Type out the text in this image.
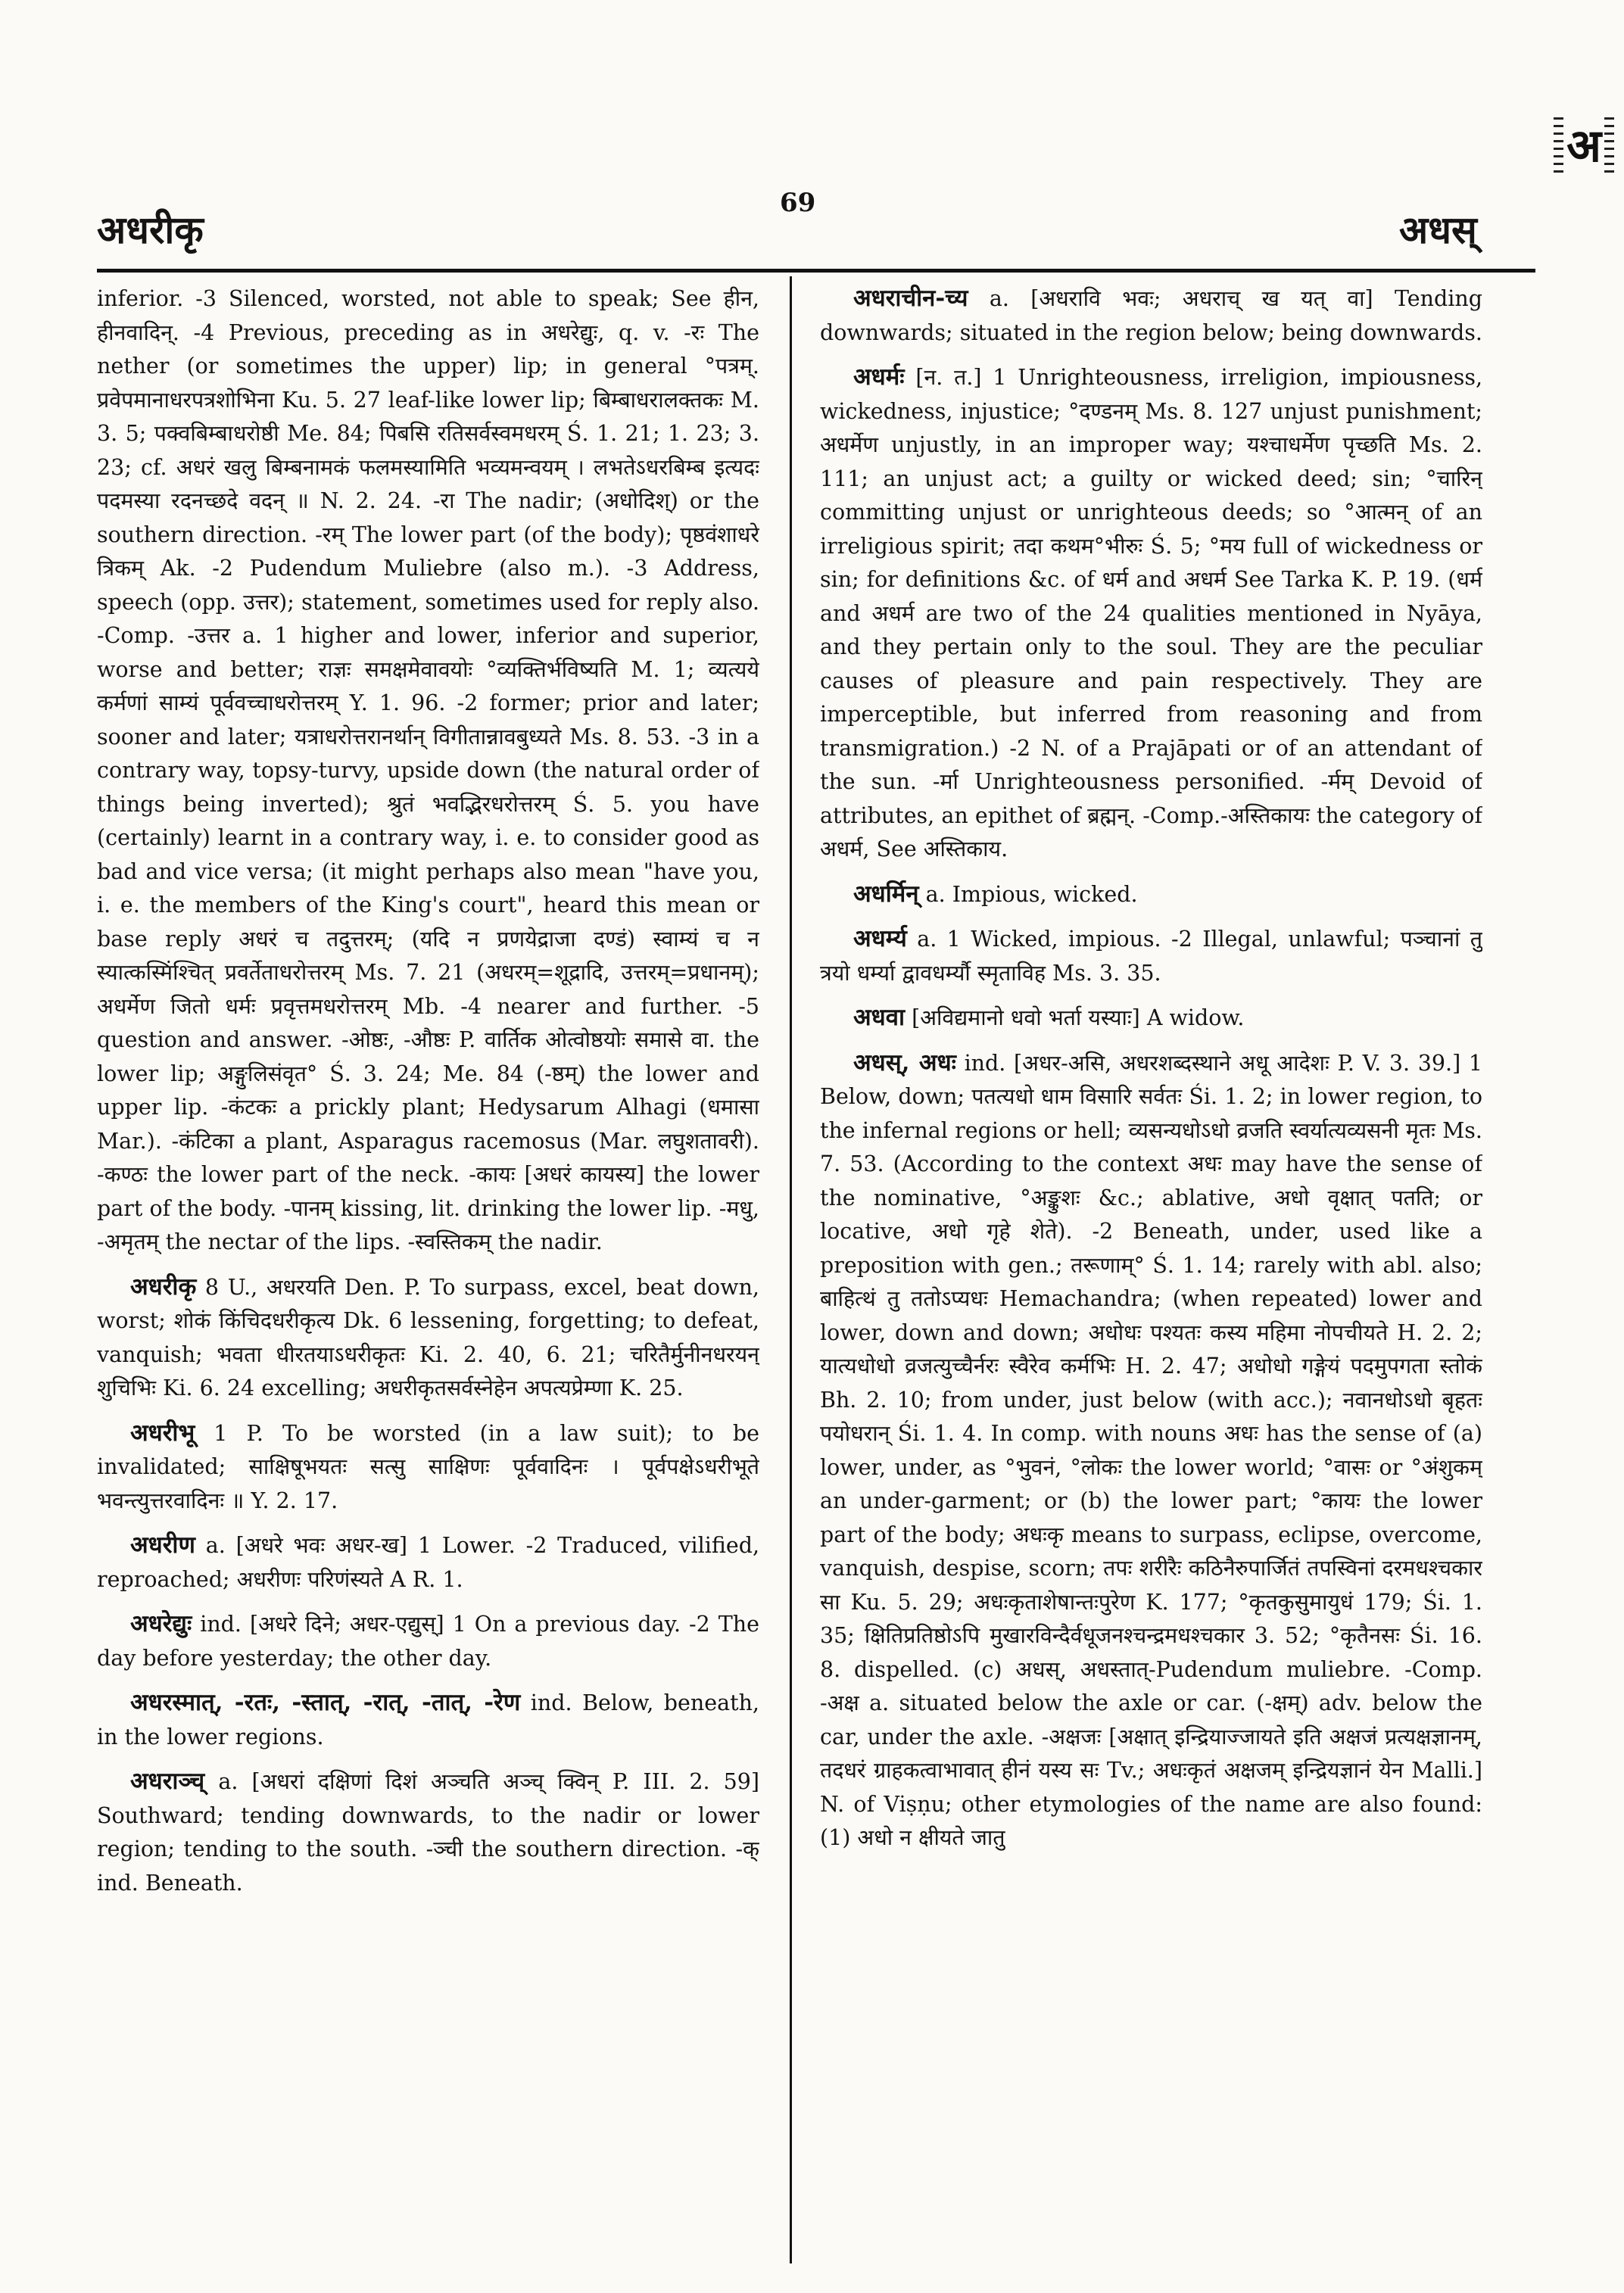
अधरीकृ
69
अधस्
अ

inferior. -3 Silenced, worsted, not able to speak; See हीन, हीनवादिन्. -4 Previous, preceding as in अधरेद्युः, q. v. -रः The nether (or sometimes the upper) lip; in general °पत्रम्. प्रवेपमानाधरपत्रशोभिना Ku. 5. 27 leaf-like lower lip; बिम्बाधरालक्तकः M. 3. 5; पक्वबिम्बाधरोष्ठी Me. 84; पिबसि रतिसर्वस्वमधरम् Ś. 1. 21; 1. 23; 3. 23; cf. अधरं खलु बिम्बनामकं फलमस्यामिति भव्यमन्वयम् । लभतेऽधरबिम्ब इत्यदः पदमस्या रदनच्छदे वदन् ॥ N. 2. 24. -रा The nadir; (अधोदिश्) or the southern direction. -रम् The lower part (of the body); पृष्ठवंशाधरे त्रिकम् Ak. -2 Pudendum Muliebre (also m.). -3 Address, speech (opp. उत्तर); statement, sometimes used for reply also. -Comp. -उत्तर a. 1 higher and lower, inferior and superior, worse and better; राज्ञः समक्षमेवावयोः °व्यक्तिर्भविष्यति M. 1; व्यत्यये कर्मणां साम्यं पूर्ववच्चाधरोत्तरम् Y. 1. 96. -2 former; prior and later; sooner and later; यत्राधरोत्तरानर्थान् विगीतान्नावबुध्यते Ms. 8. 53. -3 in a contrary way, topsy-turvy, upside down (the natural order of things being inverted); श्रुतं भवद्भिरधरोत्तरम् Ś. 5. you have (certainly) learnt in a contrary way, i. e. to consider good as bad and vice versa; (it might perhaps also mean "have you, i. e. the members of the King's court", heard this mean or base reply अधरं च तदुत्तरम्; (यदि न प्रणयेद्राजा दण्डं) स्वाम्यं च न स्यात्कस्मिंश्चित् प्रवर्तेताधरोत्तरम् Ms. 7. 21 (अधरम्=शूद्रादि, उत्तरम्=प्रधानम्); अधर्मेण जितो धर्मः प्रवृत्तमधरोत्तरम् Mb. -4 nearer and further. -5 question and answer. -ओष्ठः, -औष्ठः P. वार्तिक ओत्वोष्ठयोः समासे वा. the lower lip; अङ्गुलिसंवृत° Ś. 3. 24; Me. 84 (-ष्ठम्) the lower and upper lip. -कंटकः a prickly plant; Hedysarum Alhagi (धमासा Mar.). -कंटिका a plant, Asparagus racemosus (Mar. लघुशतावरी). -कण्ठः the lower part of the neck. -कायः [अधरं कायस्य] the lower part of the body. -पानम् kissing, lit. drinking the lower lip. -मधु, -अमृतम् the nectar of the lips. -स्वस्तिकम् the nadir.

अधरीकृ 8 U., अधरयति Den. P. To surpass, excel, beat down, worst; शोकं किंचिदधरीकृत्य Dk. 6 lessening, forgetting; to defeat, vanquish; भवता धीरतयाऽधरीकृतः Ki. 2. 40, 6. 21; चरितैर्मुनीनधरयन् शुचिभिः Ki. 6. 24 excelling; अधरीकृतसर्वस्नेहेन अपत्यप्रेम्णा K. 25.

अधरीभू 1 P. To be worsted (in a law suit); to be invalidated; साक्षिषूभयतः सत्सु साक्षिणः पूर्ववादिनः । पूर्वपक्षेऽधरीभूते भवन्त्युत्तरवादिनः ॥ Y. 2. 17.

अधरीण a. [अधरे भवः अधर-ख] 1 Lower. -2 Traduced, vilified, reproached; अधरीणः परिणंस्यते A R. 1.

अधरेद्युः ind. [अधरे दिने; अधर-एद्युस्] 1 On a previous day. -2 The day before yesterday; the other day.

अधरस्मात्, -रतः, -स्तात्, -रात्, -तात्, -रेण ind. Below, beneath, in the lower regions.

अधराञ्च् a. [अधरां दक्षिणां दिशं अञ्चति अञ्च् क्विन् P. III. 2. 59] Southward; tending downwards, to the nadir or lower region; tending to the south. -ञ्ची the southern direction. -क् ind. Beneath.

अधराचीन-च्य a. [अधरावि भवः; अधराच् ख यत् वा] Tending downwards; situated in the region below; being downwards.

अधर्मः [न. त.] 1 Unrighteousness, irreligion, impiousness, wickedness, injustice; °दण्डनम् Ms. 8. 127 unjust punishment; अधर्मेण unjustly, in an improper way; यश्चाधर्मेण पृच्छति Ms. 2. 111; an unjust act; a guilty or wicked deed; sin; °चारिन् committing unjust or unrighteous deeds; so °आत्मन् of an irreligious spirit; तदा कथम°भीरुः Ś. 5; °मय full of wickedness or sin; for definitions &c. of धर्म and अधर्म See Tarka K. P. 19. (धर्म and अधर्म are two of the 24 qualities mentioned in Nyāya, and they pertain only to the soul. They are the peculiar causes of pleasure and pain respectively. They are imperceptible, but inferred from reasoning and from transmigration.) -2 N. of a Prajāpati or of an attendant of the sun. -र्मा Unrighteousness personified. -र्मम् Devoid of attributes, an epithet of ब्रह्मन्. -Comp.-अस्तिकायः the category of अधर्म, See अस्तिकाय.

अधर्मिन् a. Impious, wicked.

अधर्म्य a. 1 Wicked, impious. -2 Illegal, unlawful; पञ्चानां तु त्रयो धर्म्या द्वावधर्म्यौ स्मृताविह Ms. 3. 35.

अधवा [अविद्यमानो धवो भर्ता यस्याः] A widow.

अधस्, अधः ind. [अधर-असि, अधरशब्दस्थाने अधू आदेशः P. V. 3. 39.] 1 Below, down; पतत्यधो धाम विसारि सर्वतः Śi. 1. 2; in lower region, to the infernal regions or hell; व्यसन्यधोऽधो व्रजति स्वर्यात्यव्यसनी मृतः Ms. 7. 53. (According to the context अधः may have the sense of the nominative, °अङ्कुशः &c.; ablative, अधो वृक्षात् पतति; or locative, अधो गृहे शेते). -2 Beneath, under, used like a preposition with gen.; तरूणाम्° Ś. 1. 14; rarely with abl. also; बाहित्थं तु ततोऽप्यधः Hemachandra; (when repeated) lower and lower, down and down; अधोधः पश्यतः कस्य महिमा नोपचीयते H. 2. 2; यात्यधोधो व्रजत्युच्चैर्नरः स्वैरेव कर्मभिः H. 2. 47; अधोधो गङ्गेयं पदमुपगता स्तोकं Bh. 2. 10; from under, just below (with acc.); नवानधोऽधो बृहतः पयोधरान् Śi. 1. 4. In comp. with nouns अधः has the sense of (a) lower, under, as °भुवनं, °लोकः the lower world; °वासः or °अंशुकम् an under-garment; or (b) the lower part; °कायः the lower part of the body; अधःकृ means to surpass, eclipse, overcome, vanquish, despise, scorn; तपः शरीरैः कठिनैरुपार्जितं तपस्विनां दरमधश्चकार सा Ku. 5. 29; अधःकृताशेषान्तःपुरेण K. 177; °कृतकुसुमायुधं 179; Śi. 1. 35; क्षितिप्रतिष्ठोऽपि मुखारविन्दैर्वधूजनश्चन्द्रमधश्चकार 3. 52; °कृतैनसः Śi. 16. 8. dispelled. (c) अधस्, अधस्तात्-Pudendum muliebre. -Comp. -अक्ष a. situated below the axle or car. (-क्षम्) adv. below the car, under the axle. -अक्षजः [अक्षात् इन्द्रियाज्जायते इति अक्षजं प्रत्यक्षज्ञानम्, तदधरं ग्राहकत्वाभावात् हीनं यस्य सः Tv.; अधःकृतं अक्षजम् इन्द्रियज्ञानं येन Malli.] N. of Viṣṇu; other etymologies of the name are also found: (1) अधो न क्षीयते जातु
